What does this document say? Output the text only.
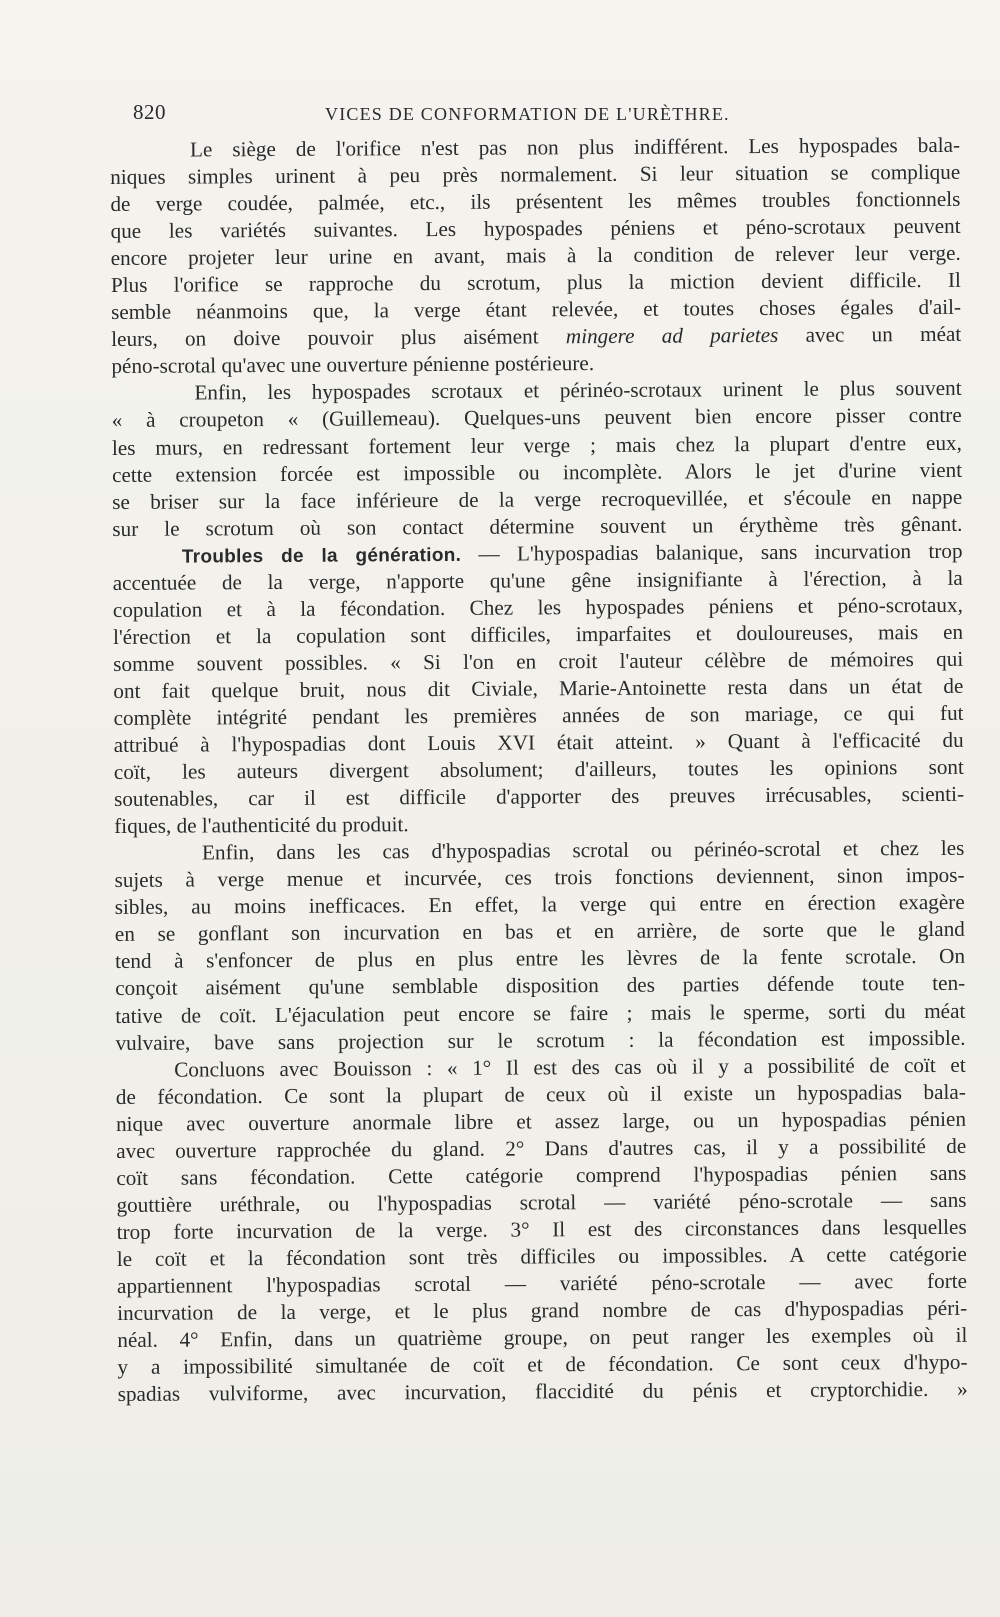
820	VICES DE CONFORMATION DE L'URÈTHRE.
Le siège de l'orifice n'est pas non plus indifférent. Les hypospades bala-
niques simples urinent à peu près normalement. Si leur situation se complique
de verge coudée, palmée, etc., ils présentent les mêmes troubles fonctionnels
que les variétés suivantes. Les hypospades péniens et péno-scrotaux peuvent
encore projeter leur urine en avant, mais à la condition de relever leur verge.
Plus l'orifice se rapproche du scrotum, plus la miction devient difficile. Il
semble néanmoins que, la verge étant relevée, et toutes choses égales d'ail-
leurs, on doive pouvoir plus aisément mingere ad parietes avec un méat
péno-scrotal qu'avec une ouverture pénienne postérieure.
Enfin, les hypospades scrotaux et périnéo-scrotaux urinent le plus souvent
« à croupeton « (Guillemeau). Quelques-uns peuvent bien encore pisser contre
les murs, en redressant fortement leur verge ; mais chez la plupart d'entre eux,
cette extension forcée est impossible ou incomplète. Alors le jet d'urine vient
se briser sur la face inférieure de la verge recroquevillée, et s'écoule en nappe
sur le scrotum où son contact détermine souvent un érythème très gênant.
Troubles de la génération. — L'hypospadias balanique, sans incurvation trop
accentuée de la verge, n'apporte qu'une gêne insignifiante à l'érection, à la
copulation et à la fécondation. Chez les hypospades péniens et péno-scrotaux,
l'érection et la copulation sont difficiles, imparfaites et douloureuses, mais en
somme souvent possibles. « Si l'on en croit l'auteur célèbre de mémoires qui
ont fait quelque bruit, nous dit Civiale, Marie-Antoinette resta dans un état de
complète intégrité pendant les premières années de son mariage, ce qui fut
attribué à l'hypospadias dont Louis XVI était atteint. » Quant à l'efficacité du
coït, les auteurs divergent absolument; d'ailleurs, toutes les opinions sont
soutenables, car il est difficile d'apporter des preuves irrécusables, scienti-
fiques, de l'authenticité du produit.
Enfin, dans les cas d'hypospadias scrotal ou périnéo-scrotal et chez les
sujets à verge menue et incurvée, ces trois fonctions deviennent, sinon impos-
sibles, au moins inefficaces. En effet, la verge qui entre en érection exagère
en se gonflant son incurvation en bas et en arrière, de sorte que le gland
tend à s'enfoncer de plus en plus entre les lèvres de la fente scrotale. On
conçoit aisément qu'une semblable disposition des parties défende toute ten-
tative de coït. L'éjaculation peut encore se faire ; mais le sperme, sorti du méat
vulvaire, bave sans projection sur le scrotum : la fécondation est impossible.
Concluons avec Bouisson : « 1° Il est des cas où il y a possibilité de coït et
de fécondation. Ce sont la plupart de ceux où il existe un hypospadias bala-
nique avec ouverture anormale libre et assez large, ou un hypospadias pénien
avec ouverture rapprochée du gland. 2° Dans d'autres cas, il y a possibilité de
coït sans fécondation. Cette catégorie comprend l'hypospadias pénien sans
gouttière uréthrale, ou l'hypospadias scrotal — variété péno-scrotale — sans
trop forte incurvation de la verge. 3° Il est des circonstances dans lesquelles
le coït et la fécondation sont très difficiles ou impossibles. A cette catégorie
appartiennent l'hypospadias scrotal — variété péno-scrotale — avec forte
incurvation de la verge, et le plus grand nombre de cas d'hypospadias péri-
néal. 4° Enfin, dans un quatrième groupe, on peut ranger les exemples où il
y a impossibilité simultanée de coït et de fécondation. Ce sont ceux d'hypo-
spadias vulviforme, avec incurvation, flaccidité du pénis et cryptorchidie. »
